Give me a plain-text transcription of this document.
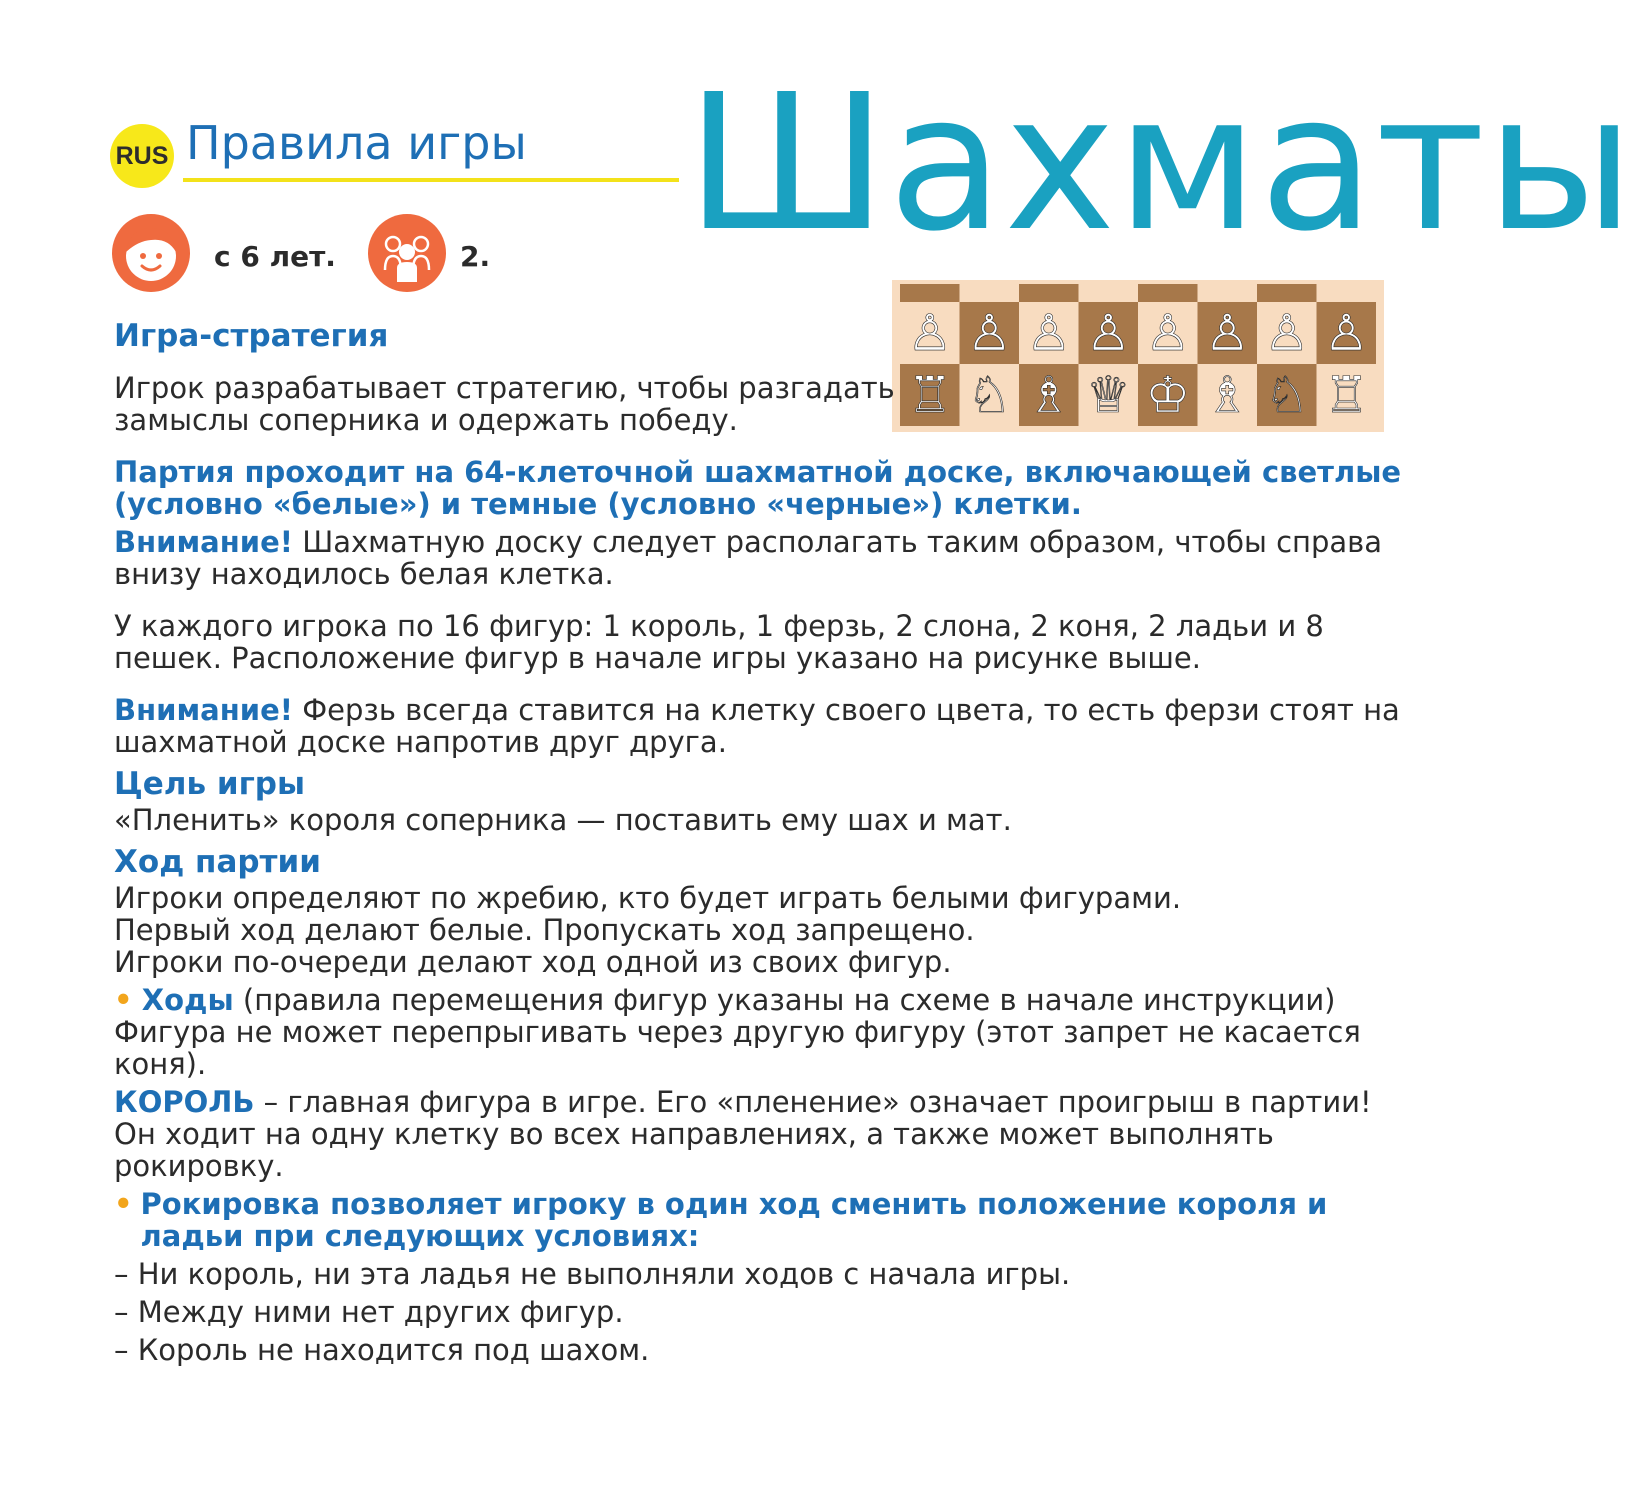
RUS Правила игры Шахматы
с 6 лет.	2.
♙ ♙ ♙ ♙ ♙ ♙ ♙ ♙
♖ ♘ ♗ ♕ ♔ ♗ ♘ ♖

Игра-стратегия

Игрок разрабатывает стратегию, чтобы разгадать

замыслы соперника и одержать победу.

Партия проходит на 64-клеточной шахматной доске, включающей светлые (условно «белые») и темные (условно «черные») клетки.

Внимание! Шахматную доску следует располагать таким образом, чтобы справа внизу находилось белая клетка.

У каждого игрока по 16 фигур: 1 король, 1 ферзь, 2 слона, 2 коня, 2 ладьи и 8 пешек. Расположение фигур в начале игры указано на рисунке выше.

Внимание! Ферзь всегда ставится на клетку своего цвета, то есть ферзи стоят на шахматной доске напротив друг друга.

Цель игры

«Пленить» короля соперника — поставить ему шах и мат.

Ход партии

Игроки определяют по жребию, кто будет играть белыми фигурами.

Первый ход делают белые. Пропускать ход запрещено.

Игроки по-очереди делают ход одной из своих фигур.

• Ходы (правила перемещения фигур указаны на схеме в начале инструкции)

Фигура не может перепрыгивать через другую фигуру (этот запрет не касается коня).

КОРОЛЬ – главная фигура в игре. Его «пленение» означает проигрыш в партии! Он ходит на одну клетку во всех направлениях, а также может выполнять рокировку.

• Рокировка позволяет игроку в один ход сменить положение короля и ладьи при следующих условиях:

– Ни король, ни эта ладья не выполняли ходов с начала игры.

– Между ними нет других фигур.

– Король не находится под шахом.
